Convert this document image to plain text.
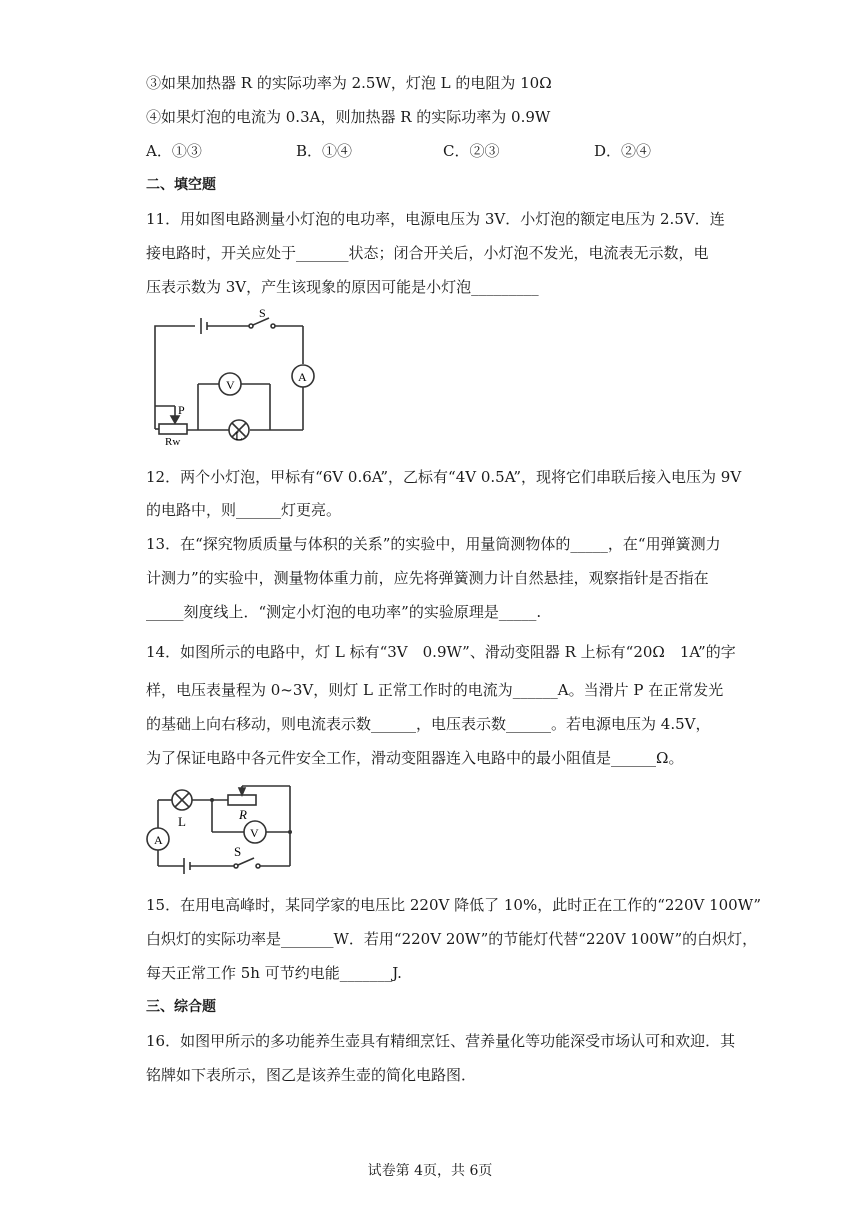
③如果加热器 R 的实际功率为 2.5W，灯泡 L 的电阻为 10Ω
④如果灯泡的电流为 0.3A，则加热器 R 的实际功率为 0.9W
A．①③	B．①④	C．②③	D．②④
二、填空题
11．用如图电路测量小灯泡的电功率，电源电压为 3V．小灯泡的额定电压为 2.5V．连
接电路时，开关应处于_______状态；闭合开关后，小灯泡不发光，电流表无示数，电
压表示数为 3V，产生该现象的原因可能是小灯泡_________
S
A
V
P
L
Rw
12．两个小灯泡，甲标有“6V 0.6A”，乙标有“4V 0.5A”，现将它们串联后接入电压为 9V
的电路中，则______灯更亮。
13．在“探究物质质量与体积的关系”的实验中，用量筒测物体的_____，在“用弹簧测力
计测力”的实验中，测量物体重力前，应先将弹簧测力计自然悬挂，观察指针是否指在
_____刻度线上．“测定小灯泡的电功率”的实验原理是_____.
14．如图所示的电路中，灯 L 标有“3V　0.9W”、滑动变阻器 R 上标有“20Ω　1A”的字
样，电压表量程为 0~3V，则灯 L 正常工作时的电流为______A。当滑片 P 在正常发光
的基础上向右移动，则电流表示数______，电压表示数______。若电源电压为 4.5V，
为了保证电路中各元件安全工作，滑动变阻器连入电路中的最小阻值是______Ω。
A
L	R
V
S
15．在用电高峰时，某同学家的电压比 220V 降低了 10%，此时正在工作的“220V 100W”
白炽灯的实际功率是_______W．若用“220V 20W”的节能灯代替“220V 100W”的白炽灯，
每天正常工作 5h 可节约电能_______J.
三、综合题
16．如图甲所示的多功能养生壶具有精细烹饪、营养量化等功能深受市场认可和欢迎．其
铭牌如下表所示，图乙是该养生壶的简化电路图．
试卷第 4页，共 6页
